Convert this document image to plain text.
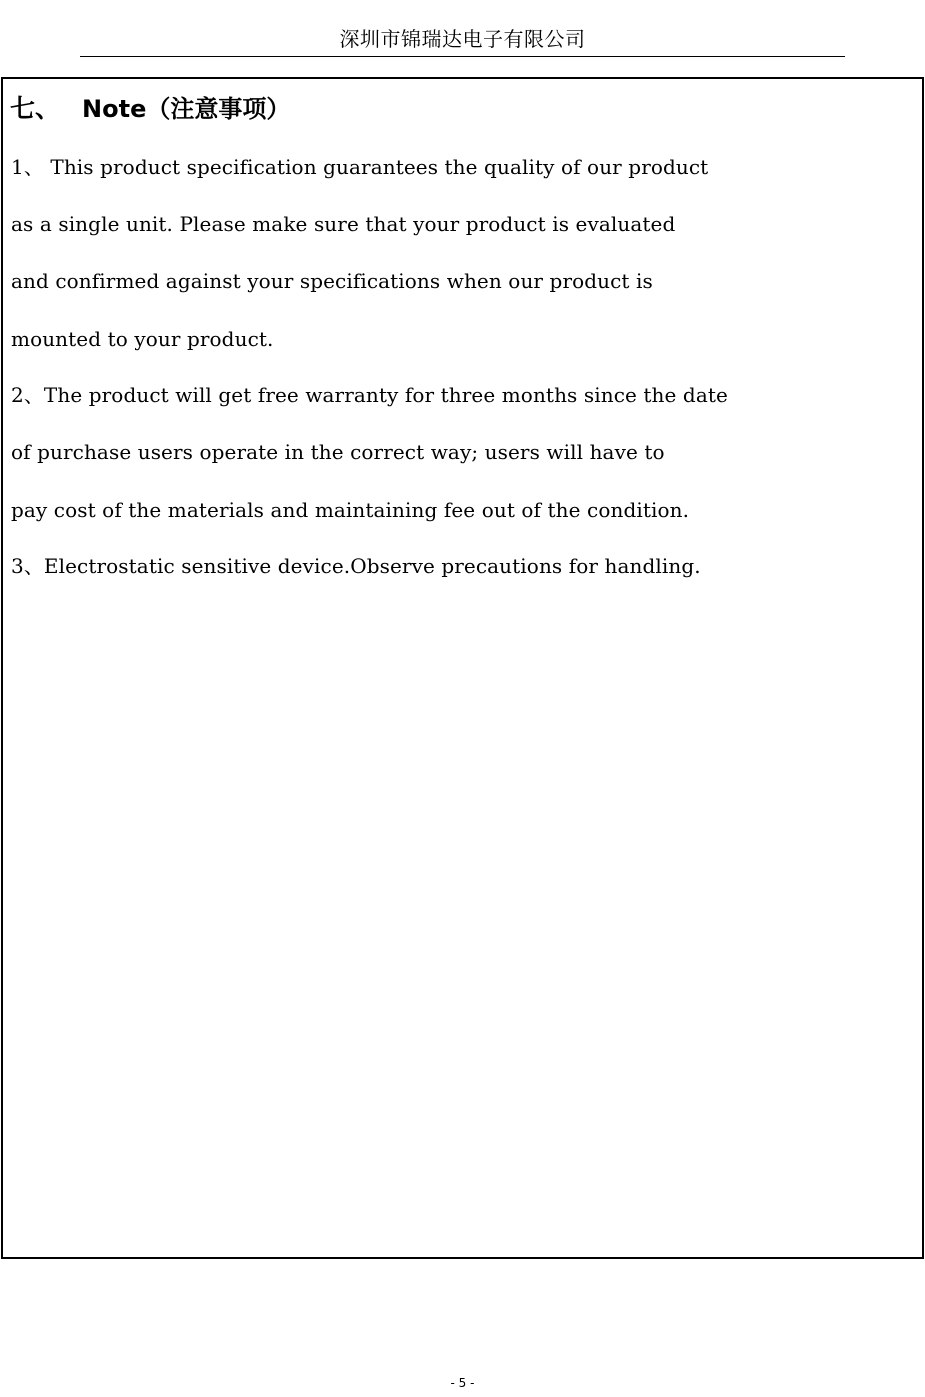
深圳市锦瑞达电子有限公司
七、 Note（注意事项）
1、 This product specification guarantees the quality of our product
as a single unit. Please make sure that your product is evaluated
and confirmed against your specifications when our product is
mounted to your product.
2、The product will get free warranty for three months since the date
of purchase users operate in the correct way; users will have to
pay cost of the materials and maintaining fee out of the condition.
3、Electrostatic sensitive device.Observe precautions for handling.
- 5 -
